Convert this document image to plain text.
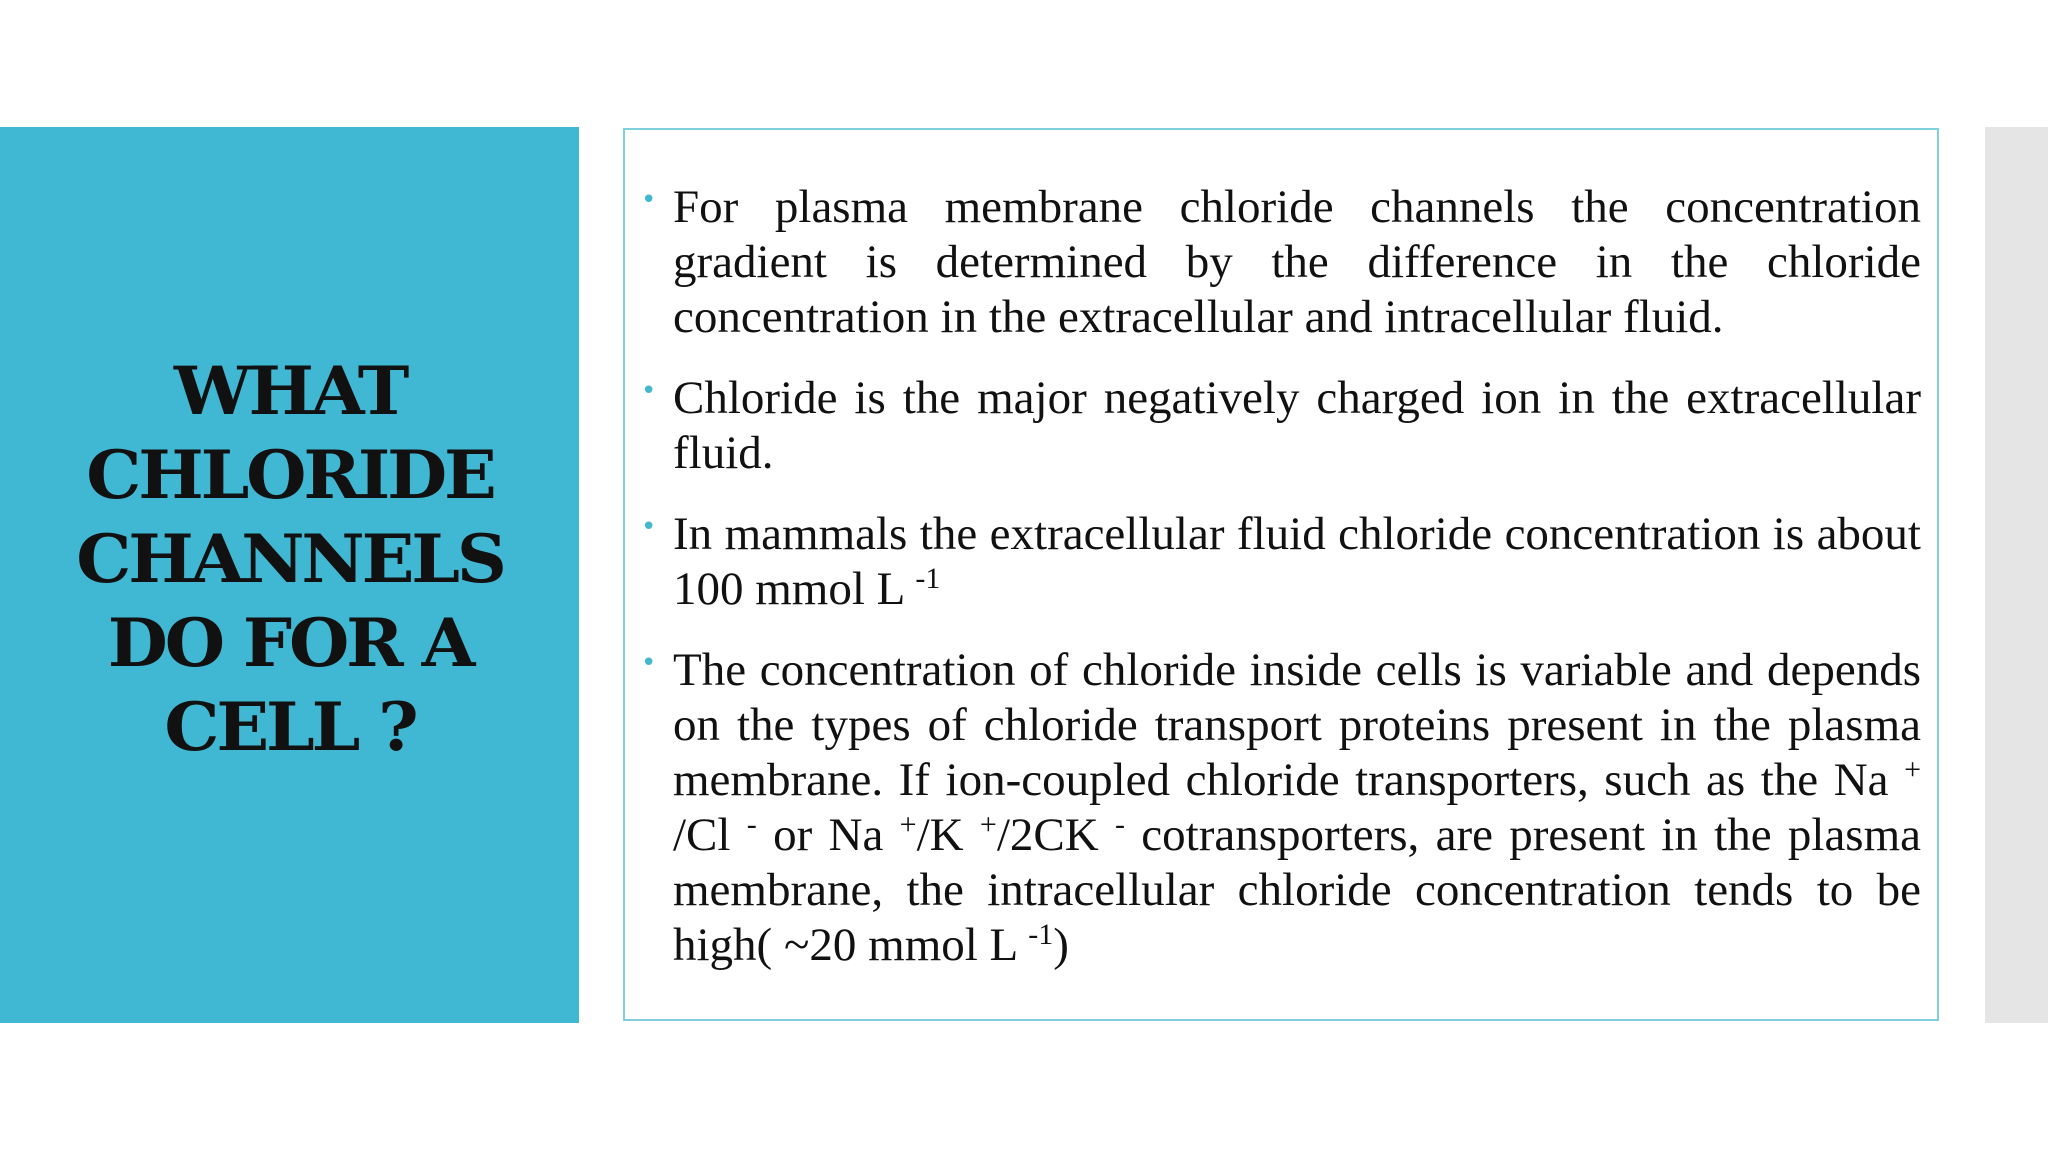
WHAT CHLORIDE CHANNELS DO FOR A CELL ?
• For plasma membrane chloride channels the concentration gradient is determined by the difference in the chloride concentration in the extracellular and intracellular fluid.
• Chloride is the major negatively charged ion in the extracellular fluid.
• In mammals the extracellular fluid chloride concentration is about 100 mmol L $^{-1}$
• The concentration of chloride inside cells is variable and depends on the types of chloride transport proteins present in the plasma membrane. If ion-coupled chloride transporters, such as the Na + /Cl - or Na +/K +/2CK - cotransporters, are present in the plasma membrane, the intracellular chloride concentration tends to be high( ~20 mmol L $^{-1}$)
